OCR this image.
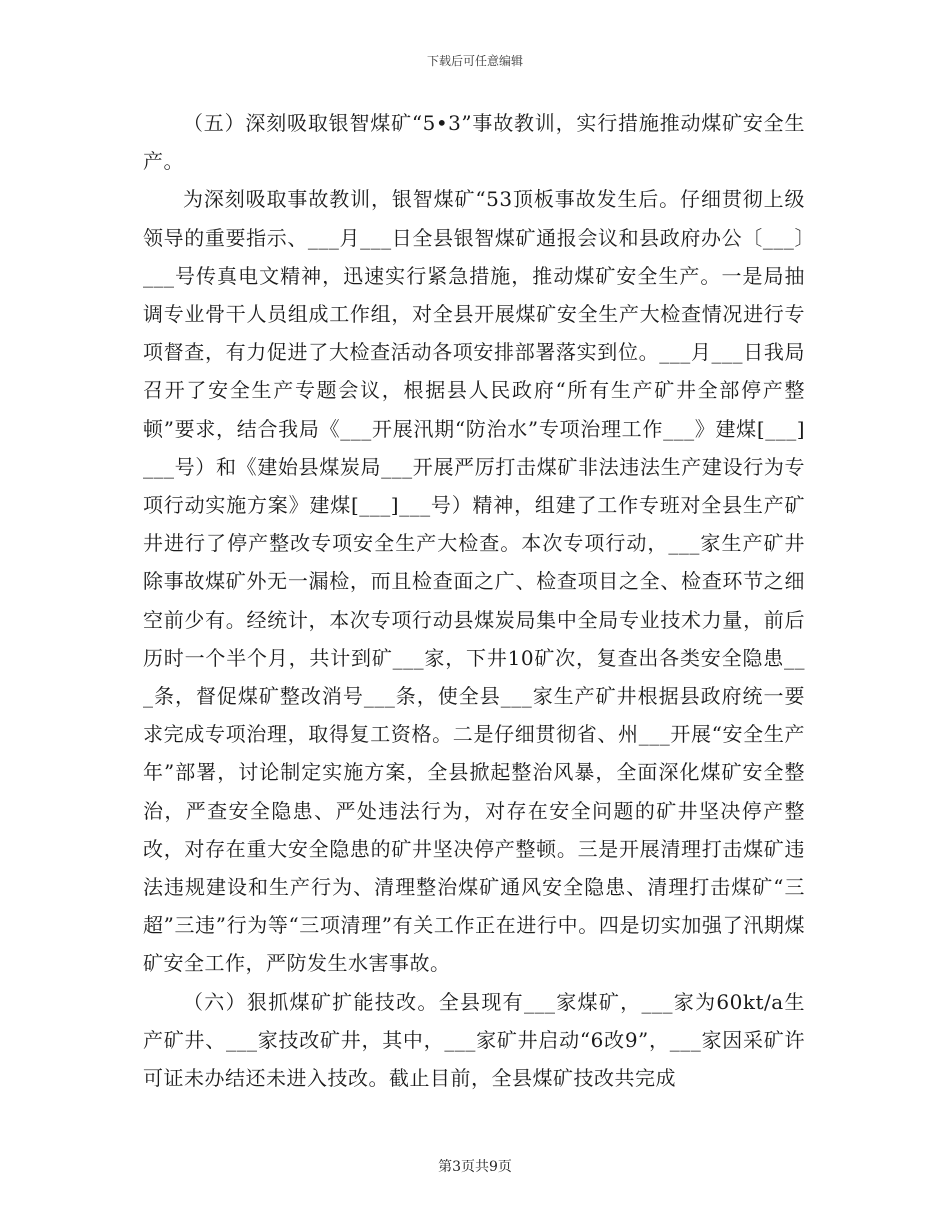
下载后可任意编辑

（五）深刻吸取银智煤矿“5•3”事故教训，实行措施推动煤矿安全生产。

为深刻吸取事故教训，银智煤矿“53顶板事故发生后。仔细贯彻上级领导的重要指示、___月___日全县银智煤矿通报会议和县政府办公〔___〕___号传真电文精神，迅速实行紧急措施，推动煤矿安全生产。一是局抽调专业骨干人员组成工作组，对全县开展煤矿安全生产大检查情况进行专项督查，有力促进了大检查活动各项安排部署落实到位。___月___日我局召开了安全生产专题会议，根据县人民政府“所有生产矿井全部停产整顿”要求，结合我局《___开展汛期“防治水”专项治理工作___》建煤[___]___号）和《建始县煤炭局___开展严厉打击煤矿非法违法生产建设行为专项行动实施方案》建煤[___]___号）精神，组建了工作专班对全县生产矿井进行了停产整改专项安全生产大检查。本次专项行动，___家生产矿井除事故煤矿外无一漏检，而且检查面之广、检查项目之全、检查环节之细空前少有。经统计，本次专项行动县煤炭局集中全局专业技术力量，前后历时一个半个月，共计到矿___家，下井10矿次，复查出各类安全隐患___条，督促煤矿整改消号___条，使全县___家生产矿井根据县政府统一要求完成专项治理，取得复工资格。二是仔细贯彻省、州___开展“安全生产年”部署，讨论制定实施方案，全县掀起整治风暴，全面深化煤矿安全整治，严查安全隐患、严处违法行为，对存在安全问题的矿井坚决停产整改，对存在重大安全隐患的矿井坚决停产整顿。三是开展清理打击煤矿违法违规建设和生产行为、清理整治煤矿通风安全隐患、清理打击煤矿“三超”三违”行为等“三项清理”有关工作正在进行中。四是切实加强了汛期煤矿安全工作，严防发生水害事故。

（六）狠抓煤矿扩能技改。全县现有___家煤矿，___家为60kt/a生产矿井、___家技改矿井，其中，___家矿井启动“6改9”，___家因采矿许可证未办结还未进入技改。截止目前，全县煤矿技改共完成

第3页共9页
